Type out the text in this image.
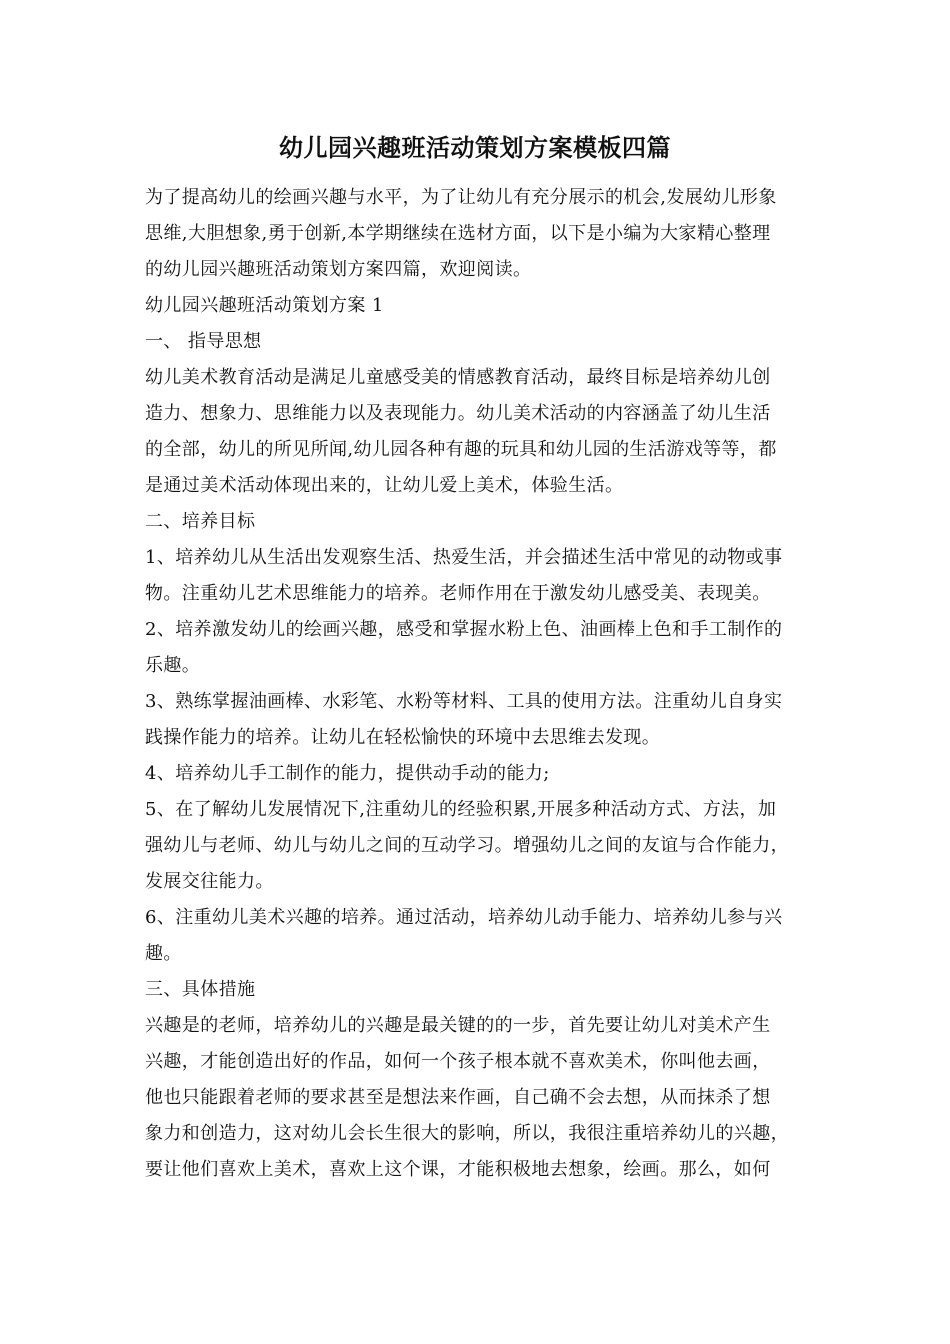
幼儿园兴趣班活动策划方案模板四篇
为了提高幼儿的绘画兴趣与水平，为了让幼儿有充分展示的机会,发展幼儿形象
思维,大胆想象,勇于创新,本学期继续在选材方面，以下是小编为大家精心整理
的幼儿园兴趣班活动策划方案四篇，欢迎阅读。
幼儿园兴趣班活动策划方案 1
一、 指导思想
幼儿美术教育活动是满足儿童感受美的情感教育活动，最终目标是培养幼儿创
造力、想象力、思维能力以及表现能力。幼儿美术活动的内容涵盖了幼儿生活
的全部，幼儿的所见所闻,幼儿园各种有趣的玩具和幼儿园的生活游戏等等，都
是通过美术活动体现出来的，让幼儿爱上美术，体验生活。
二、培养目标
1、培养幼儿从生活出发观察生活、热爱生活，并会描述生活中常见的动物或事
物。注重幼儿艺术思维能力的培养。老师作用在于激发幼儿感受美、表现美。
2、培养激发幼儿的绘画兴趣，感受和掌握水粉上色、油画棒上色和手工制作的
乐趣。
3、熟练掌握油画棒、水彩笔、水粉等材料、工具的使用方法。注重幼儿自身实
践操作能力的培养。让幼儿在轻松愉快的环境中去思维去发现。
4、培养幼儿手工制作的能力，提供动手动的能力;
5、在了解幼儿发展情况下,注重幼儿的经验积累,开展多种活动方式、方法，加
强幼儿与老师、幼儿与幼儿之间的互动学习。增强幼儿之间的友谊与合作能力，
发展交往能力。
6、注重幼儿美术兴趣的培养。通过活动，培养幼儿动手能力、培养幼儿参与兴
趣。
三、具体措施
兴趣是的老师，培养幼儿的兴趣是最关键的的一步，首先要让幼儿对美术产生
兴趣，才能创造出好的作品，如何一个孩子根本就不喜欢美术，你叫他去画，
他也只能跟着老师的要求甚至是想法来作画，自己确不会去想，从而抹杀了想
象力和创造力，这对幼儿会长生很大的影响，所以，我很注重培养幼儿的兴趣，
要让他们喜欢上美术，喜欢上这个课，才能积极地去想象，绘画。那么，如何
